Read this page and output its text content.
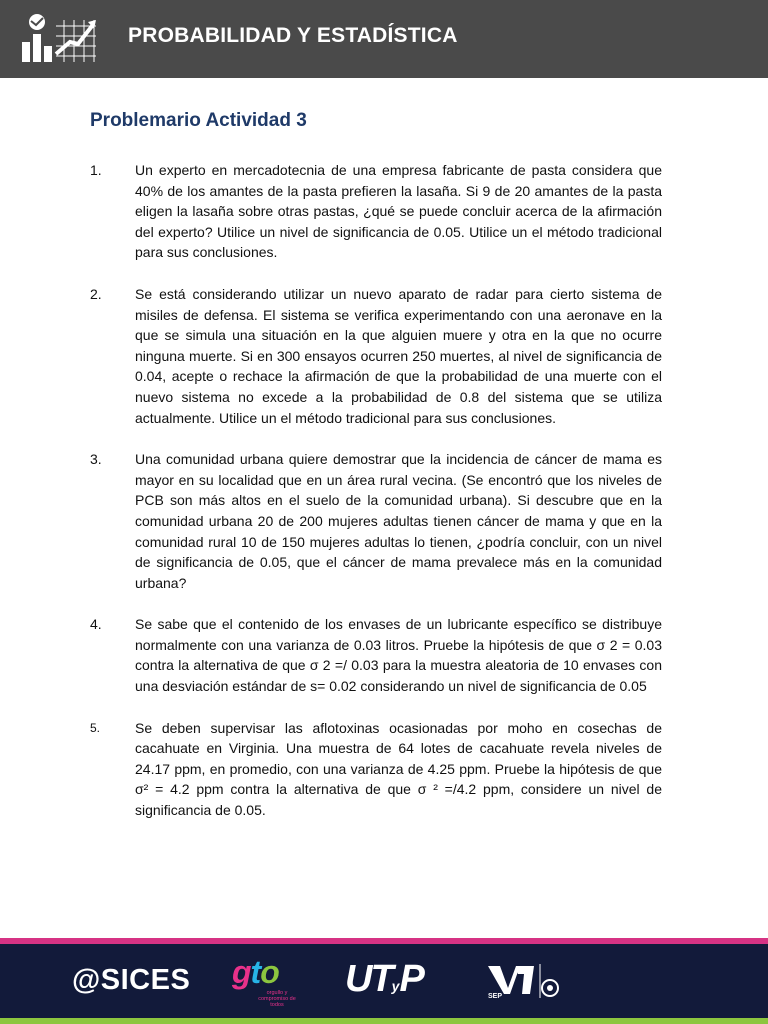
PROBABILIDAD Y ESTADÍSTICA
Problemario Actividad 3
1.	Un experto en mercadotecnia de una empresa fabricante de pasta considera que 40% de los amantes de la pasta prefieren la lasaña. Si 9 de 20 amantes de la pasta eligen la lasaña sobre otras pastas, ¿qué se puede concluir acerca de la afirmación del experto? Utilice un nivel de significancia de 0.05. Utilice un el método tradicional para sus conclusiones.
2.	Se está considerando utilizar un nuevo aparato de radar para cierto sistema de misiles de defensa. El sistema se verifica experimentando con una aeronave en la que se simula una situación en la que alguien muere y otra en la que no ocurre ninguna muerte. Si en 300 ensayos ocurren 250 muertes, al nivel de significancia de 0.04, acepte o rechace la afirmación de que la probabilidad de una muerte con el nuevo sistema no excede a la probabilidad de 0.8 del sistema que se utiliza actualmente. Utilice un el método tradicional para sus conclusiones.
3.	Una comunidad urbana quiere demostrar que la incidencia de cáncer de mama es mayor en su localidad que en un área rural vecina. (Se encontró que los niveles de PCB son más altos en el suelo de la comunidad urbana). Si descubre que en la comunidad urbana 20 de 200 mujeres adultas tienen cáncer de mama y que en la comunidad rural 10 de 150 mujeres adultas lo tienen, ¿podría concluir, con un nivel de significancia de 0.05, que el cáncer de mama prevalece más en la comunidad urbana?
4.	Se sabe que el contenido de los envases de un lubricante específico se distribuye normalmente con una varianza de 0.03 litros. Pruebe la hipótesis de que σ 2 = 0.03 contra la alternativa de que σ 2 =/ 0.03 para la muestra aleatoria de 10 envases con una desviación estándar de s= 0.02 considerando un nivel de significancia de 0.05
5.	Se deben supervisar las aflotoxinas ocasionadas por moho en cosechas de cacahuate en Virginia. Una muestra de 64 lotes de cacahuate revela niveles de 24.17 ppm, en promedio, con una varianza de 4.25 ppm. Pruebe la hipótesis de que σ² = 4.2 ppm contra la alternativa de que σ ² =/4.2 ppm, considere un nivel de significancia de 0.05.
@SICES gto
orgullo y compromiso de todos
UTyP	SEP
